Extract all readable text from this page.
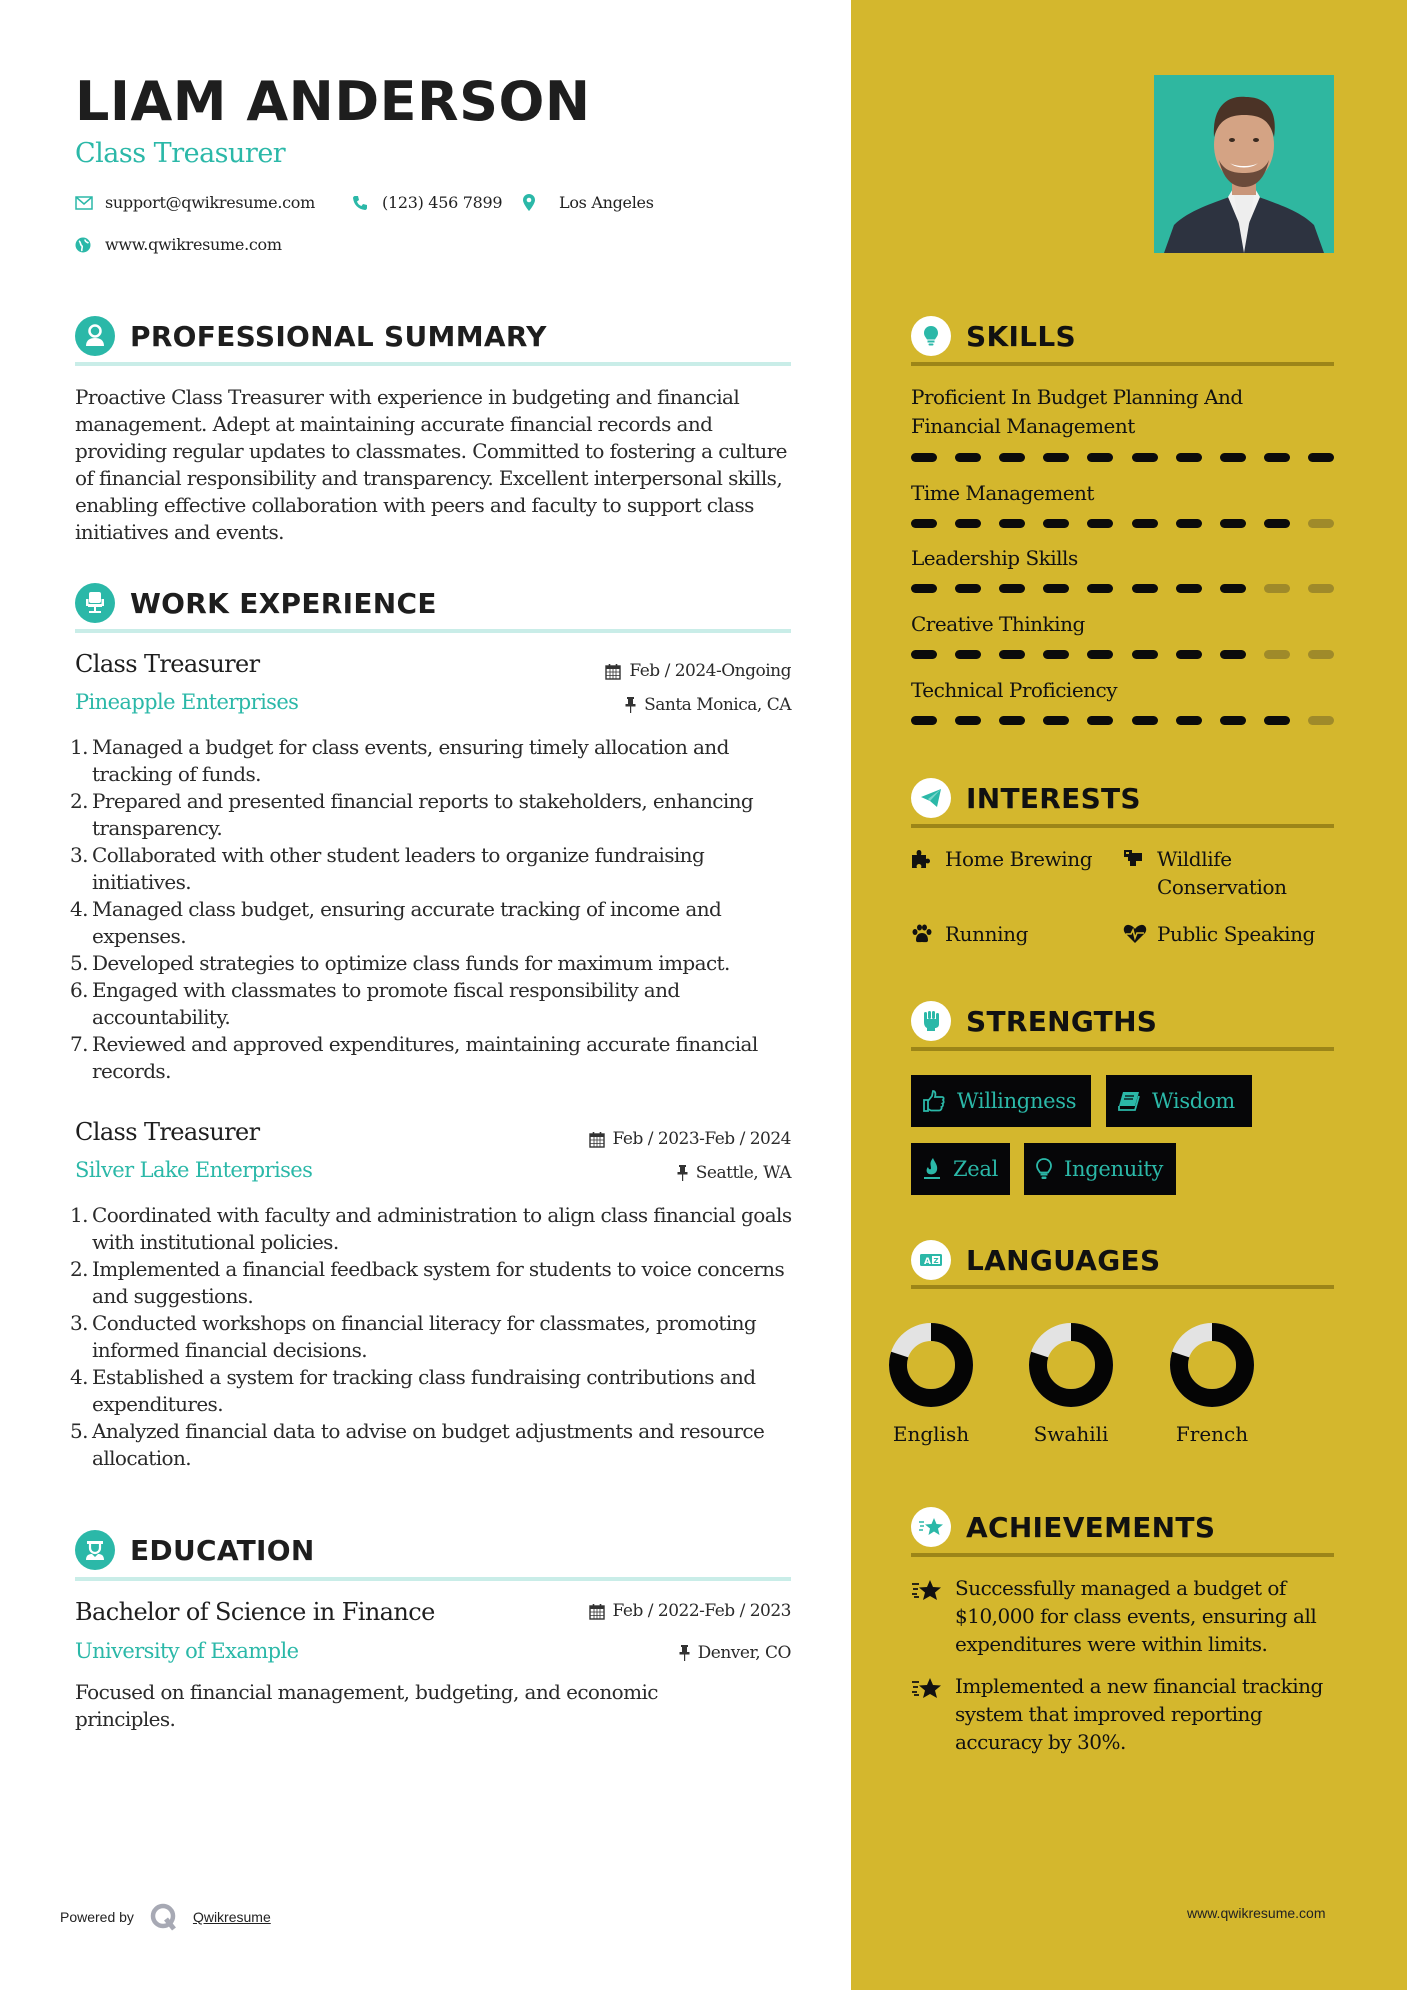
LIAM ANDERSON
Class Treasurer
support@qwikresume.com	(123) 456 7899	Los Angeles
www.qwikresume.com
PROFESSIONAL SUMMARY
Proactive Class Treasurer with experience in budgeting and financial management. Adept at maintaining accurate financial records and providing regular updates to classmates. Committed to fostering a culture of financial responsibility and transparency. Excellent interpersonal skills, enabling effective collaboration with peers and faculty to support class initiatives and events.
WORK EXPERIENCE
Class Treasurer	Feb / 2024-Ongoing
Pineapple Enterprises	Santa Monica, CA
1. Managed a budget for class events, ensuring timely allocation and tracking of funds.
2. Prepared and presented financial reports to stakeholders, enhancing transparency.
3. Collaborated with other student leaders to organize fundraising initiatives.
4. Managed class budget, ensuring accurate tracking of income and expenses.
5. Developed strategies to optimize class funds for maximum impact.
6. Engaged with classmates to promote fiscal responsibility and accountability.
7. Reviewed and approved expenditures, maintaining accurate financial records.
Class Treasurer	Feb / 2023-Feb / 2024
Silver Lake Enterprises	Seattle, WA
1. Coordinated with faculty and administration to align class financial goals with institutional policies.
2. Implemented a financial feedback system for students to voice concerns and suggestions.
3. Conducted workshops on financial literacy for classmates, promoting informed financial decisions.
4. Established a system for tracking class fundraising contributions and expenditures.
5. Analyzed financial data to advise on budget adjustments and resource allocation.
EDUCATION
Bachelor of Science in Finance	Feb / 2022-Feb / 2023
University of Example	Denver, CO
Focused on financial management, budgeting, and economic principles.
Powered by	Qwikresume
SKILLS
Proficient In Budget Planning And Financial Management
Time Management
Leadership Skills
Creative Thinking
Technical Proficiency
INTERESTS
Home Brewing	Wildlife Conservation
Running	Public Speaking
STRENGTHS
Willingness	Wisdom
Zeal	Ingenuity
A Z LANGUAGES
English	Swahili	French
ACHIEVEMENTS
Successfully managed a budget of $10,000 for class events, ensuring all expenditures were within limits.
Implemented a new financial tracking system that improved reporting accuracy by 30%.
www.qwikresume.com
